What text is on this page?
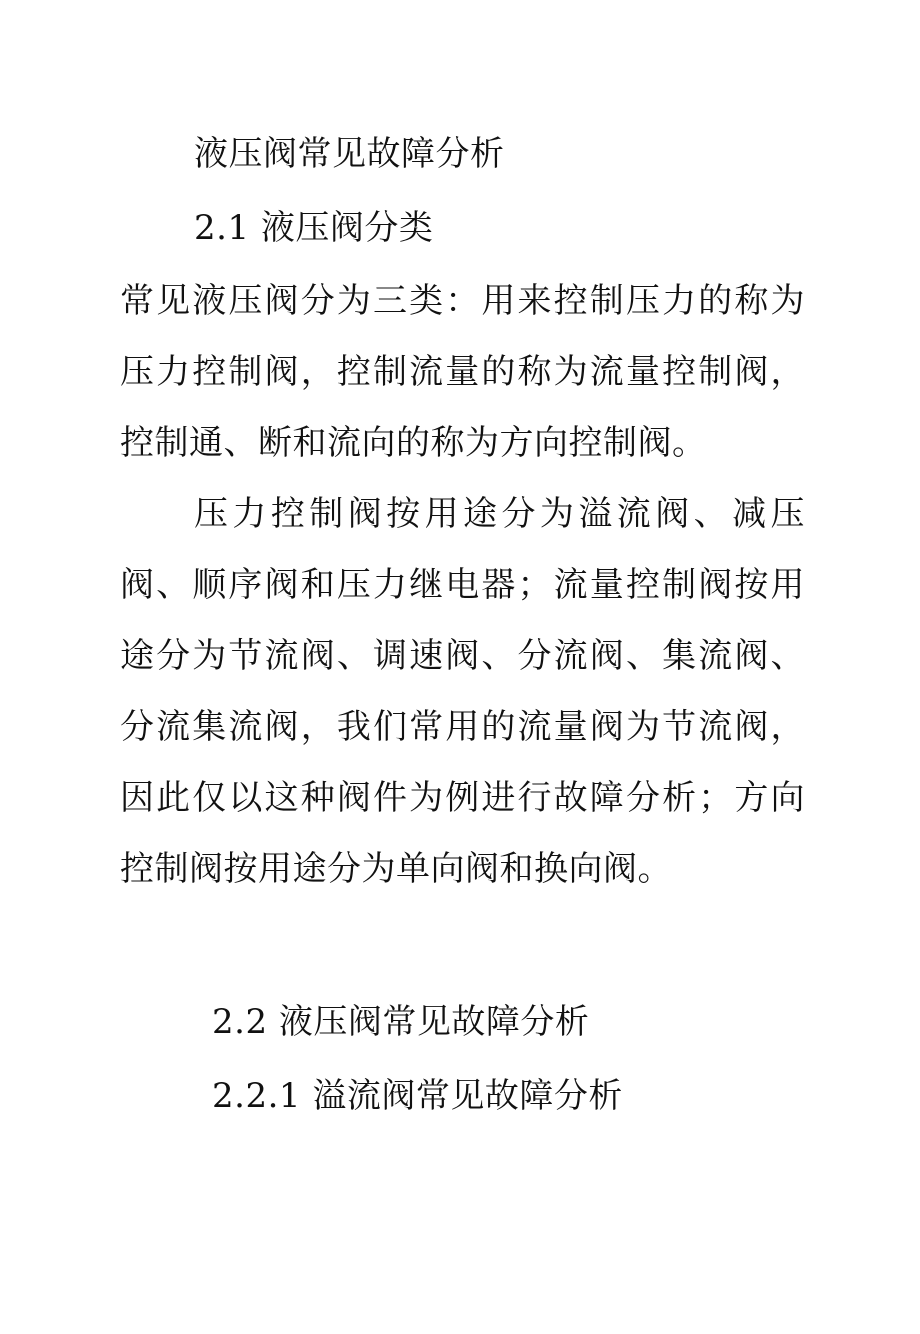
液压阀常见故障分析
2.1 液压阀分类
常见液压阀分为三类：用来控制压力的称为压力控制阀，控制流量的称为流量控制阀，控制通、断和流向的称为方向控制阀。
压力控制阀按用途分为溢流阀、减压阀、顺序阀和压力继电器；流量控制阀按用途分为节流阀、调速阀、分流阀、集流阀、分流集流阀，我们常用的流量阀为节流阀，因此仅以这种阀件为例进行故障分析；方向控制阀按用途分为单向阀和换向阀。
2.2 液压阀常见故障分析
2.2.1 溢流阀常见故障分析
